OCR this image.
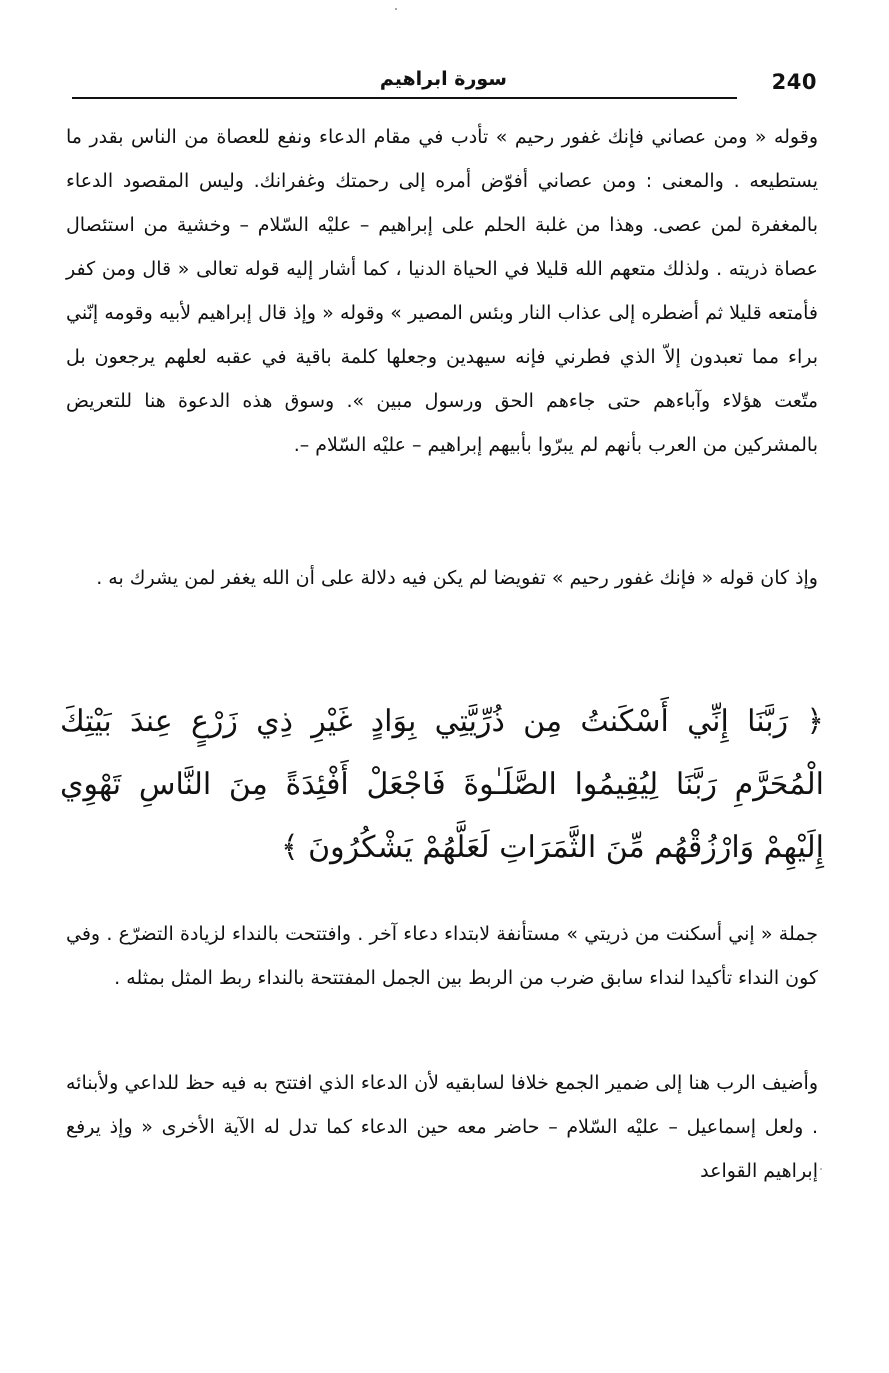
سورة ابراهيم	240
وقوله « ومن عصاني فإنك غفور رحيم » تأدب في مقام الدعاء ونفع للعصاة من الناس بقدر ما يستطيعه . والمعنى : ومن عصاني أفوّض أمره إلى رحمتك وغفرانك. وليس المقصود الدعاء بالمغفرة لمن عصى. وهذا من غلبة الحلم على إبراهيم – عليْه السّلام – وخشية من استئصال عصاة ذريته . ولذلك متعهم الله قليلا في الحياة الدنيا ، كما أشار إليه قوله تعالى « قال ومن كفر فأمتعه قليلا ثم أضطره إلى عذاب النار وبئس المصير » وقوله « وإذ قال إبراهيم لأبيه وقومه إنّني براء مما تعبدون إلاّ الذي فطرني فإنه سيهدين وجعلها كلمة باقية في عقبه لعلهم يرجعون بل متّعت هؤلاء وآباءهم حتى جاءهم الحق ورسول مبين ». وسوق هذه الدعوة هنا للتعريض بالمشركين من العرب بأنهم لم يبرّوا بأبيهم إبراهيم – عليْه السّلام –.
وإذ كان قوله « فإنك غفور رحيم » تفويضا لم يكن فيه دلالة على أن الله يغفر لمن يشرك به .
﴿ رَبَّنَا إِنِّي أَسْكَنتُ مِن ذُرِّيَّتِي بِوَادٍ غَيْرِ ذِي زَرْعٍ عِندَ بَيْتِكَ الْمُحَرَّمِ رَبَّنَا لِيُقِيمُوا الصَّلَـٰوةَ فَاجْعَلْ أَفْئِدَةً مِنَ النَّاسِ تَهْوِي إِلَيْهِمْ وَارْزُقْهُم مِّنَ الثَّمَرَاتِ لَعَلَّهُمْ يَشْكُرُونَ ﴾
جملة « إني أسكنت من ذريتي » مستأنفة لابتداء دعاء آخر . وافتتحت بالنداء لزيادة التضرّع . وفي كون النداء تأكيدا لنداء سابق ضرب من الربط بين الجمل المفتتحة بالنداء ربط المثل بمثله .
وأضيف الرب هنا إلى ضمير الجمع خلافا لسابقيه لأن الدعاء الذي افتتح به فيه حظ للداعي ولأبنائه . ولعل إسماعيل – عليْه السّلام – حاضر معه حين الدعاء كما تدل له الآية الأخرى « وإذ يرفع إبراهيم القواعد
